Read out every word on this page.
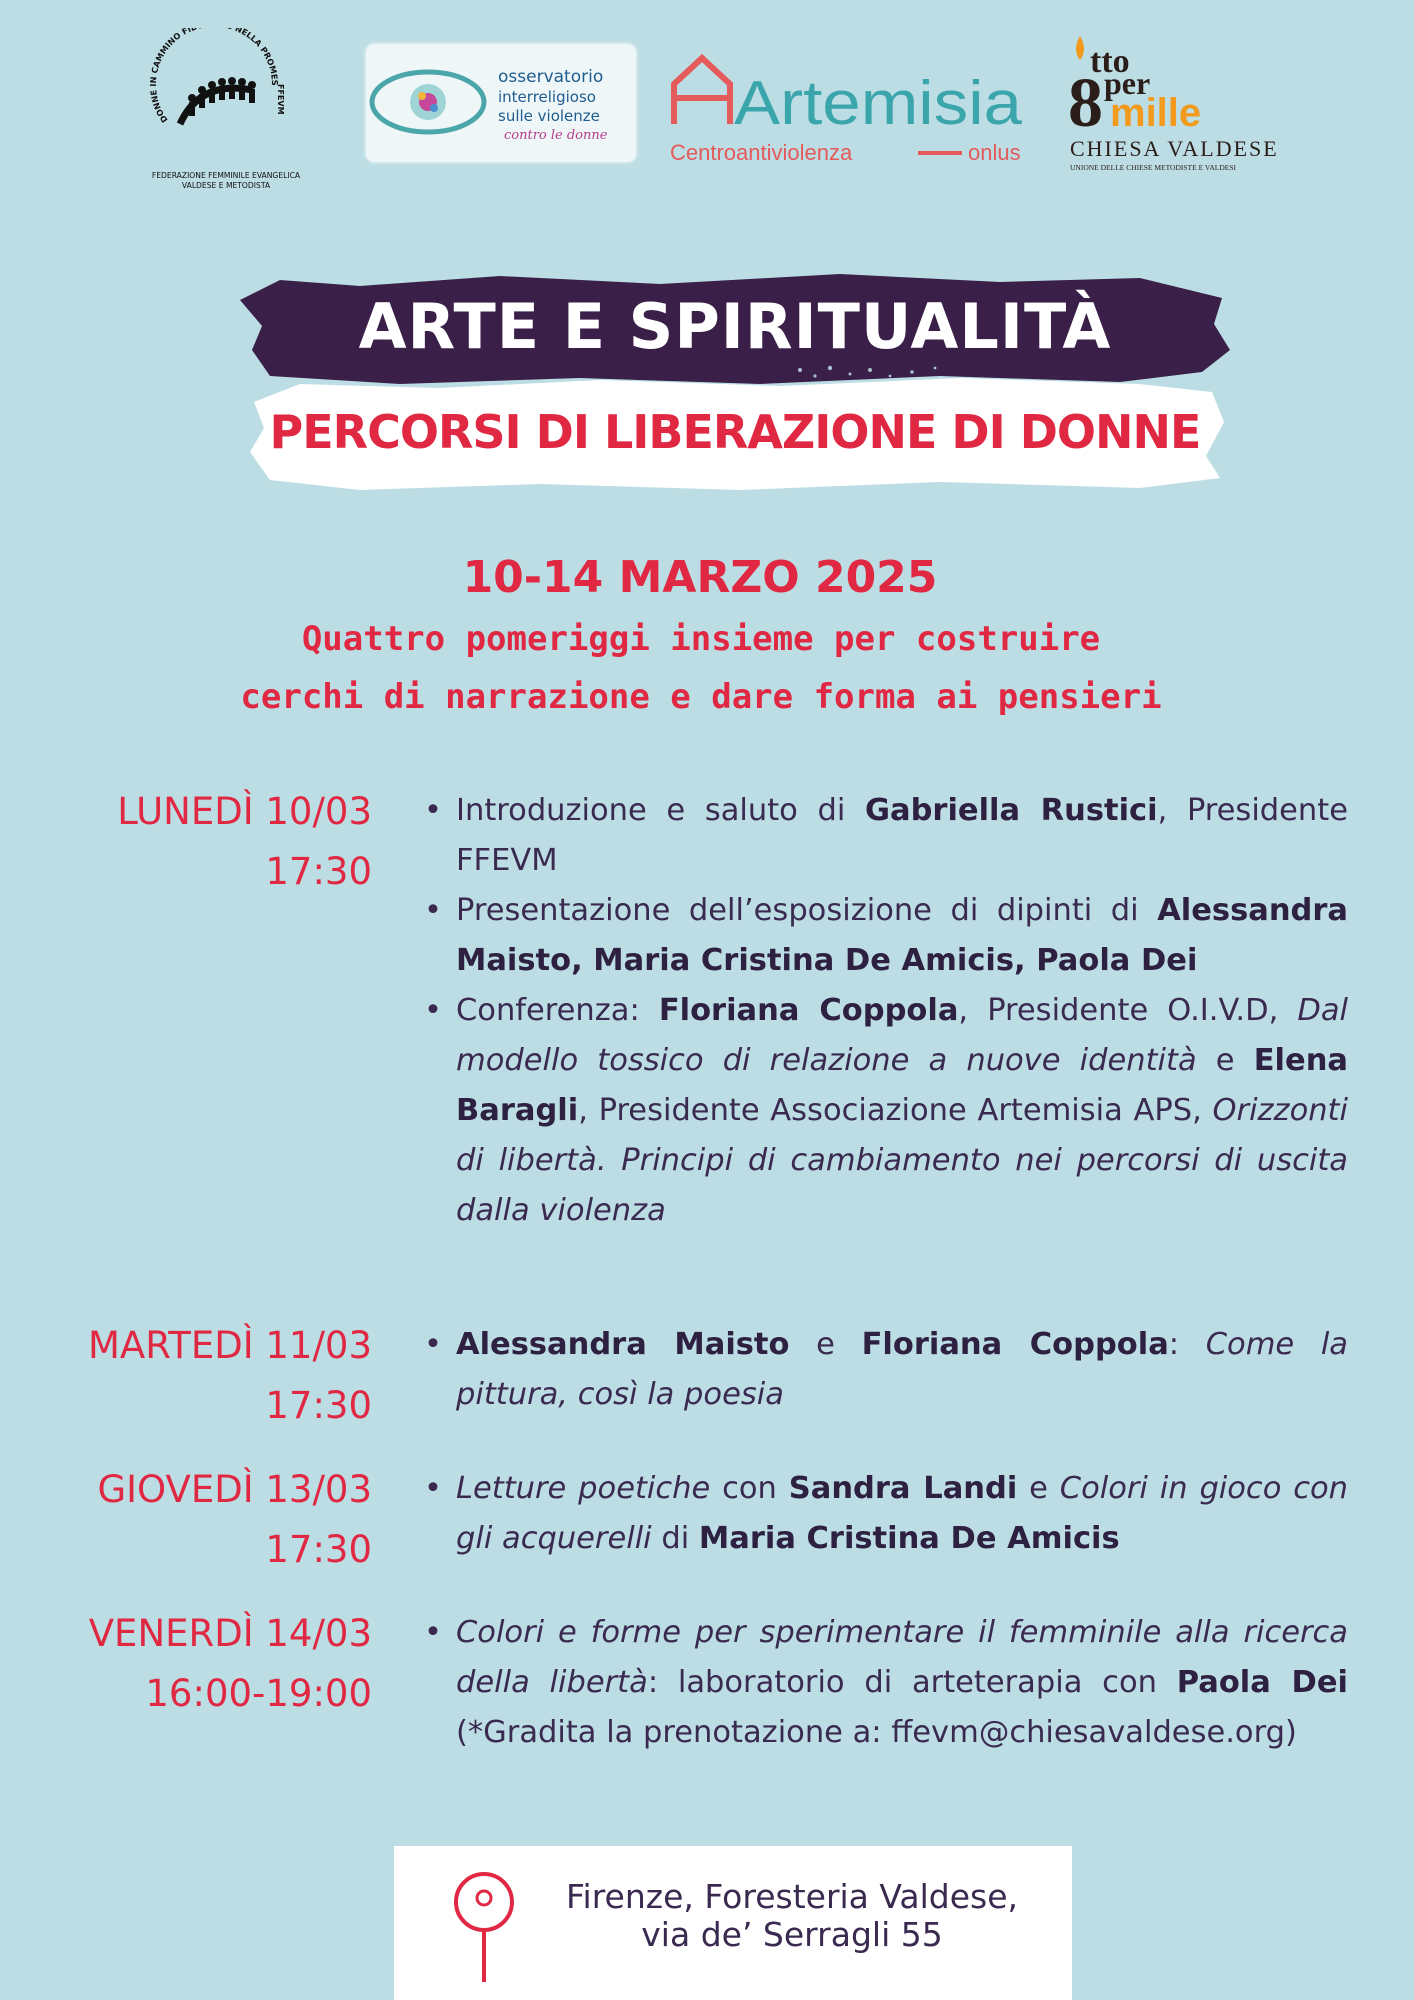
DONNE IN CAMMINO FI NELLA PROMES
FFEVM
FEDERAZIONE FEMMINILE EVANGELICA
VALDESE E METODISTA
osservatorio
interreligioso
sulle violenze
contro le donne Artemisia
Centroantiviolenza	onlus
tto
8 per
mille
CHIESA VALDESE
UNIONE DELLE CHIESE METODISTE E VALDESI
ARTE E SPIRITUALITÀ
PERCORSI DI LIBERAZIONE DI DONNE
10-14 MARZO 2025
Quattro pomeriggi insieme per costruire
cerchi di narrazione e dare forma ai pensieri
LUNEDÌ 10/03
17:30
• Introduzione e saluto di Gabriella Rustici, Presidente FFEVM
• Presentazione dell’esposizione di dipinti di Alessandra Maisto, Maria Cristina De Amicis, Paola Dei
• Conferenza: Floriana Coppola, Presidente O.I.V.D, Dal modello tossico di relazione a nuove identità e Elena Baragli, Presidente Associazione Artemisia APS, Orizzonti di libertà. Principi di cambiamento nei percorsi di uscita dalla violenza
MARTEDÌ 11/03
17:30
• Alessandra Maisto e Floriana Coppola: Come la pittura, così la poesia
GIOVEDÌ 13/03
17:30
• Letture poetiche con Sandra Landi e Colori in gioco con gli acquerelli di Maria Cristina De Amicis
VENERDÌ 14/03
16:00-19:00
• Colori e forme per sperimentare il femminile alla ricerca della libertà: laboratorio di arteterapia con Paola Dei (*Gradita la prenotazione a: ffevm@chiesavaldese.org)
Firenze, Foresteria Valdese,
via de’ Serragli 55
